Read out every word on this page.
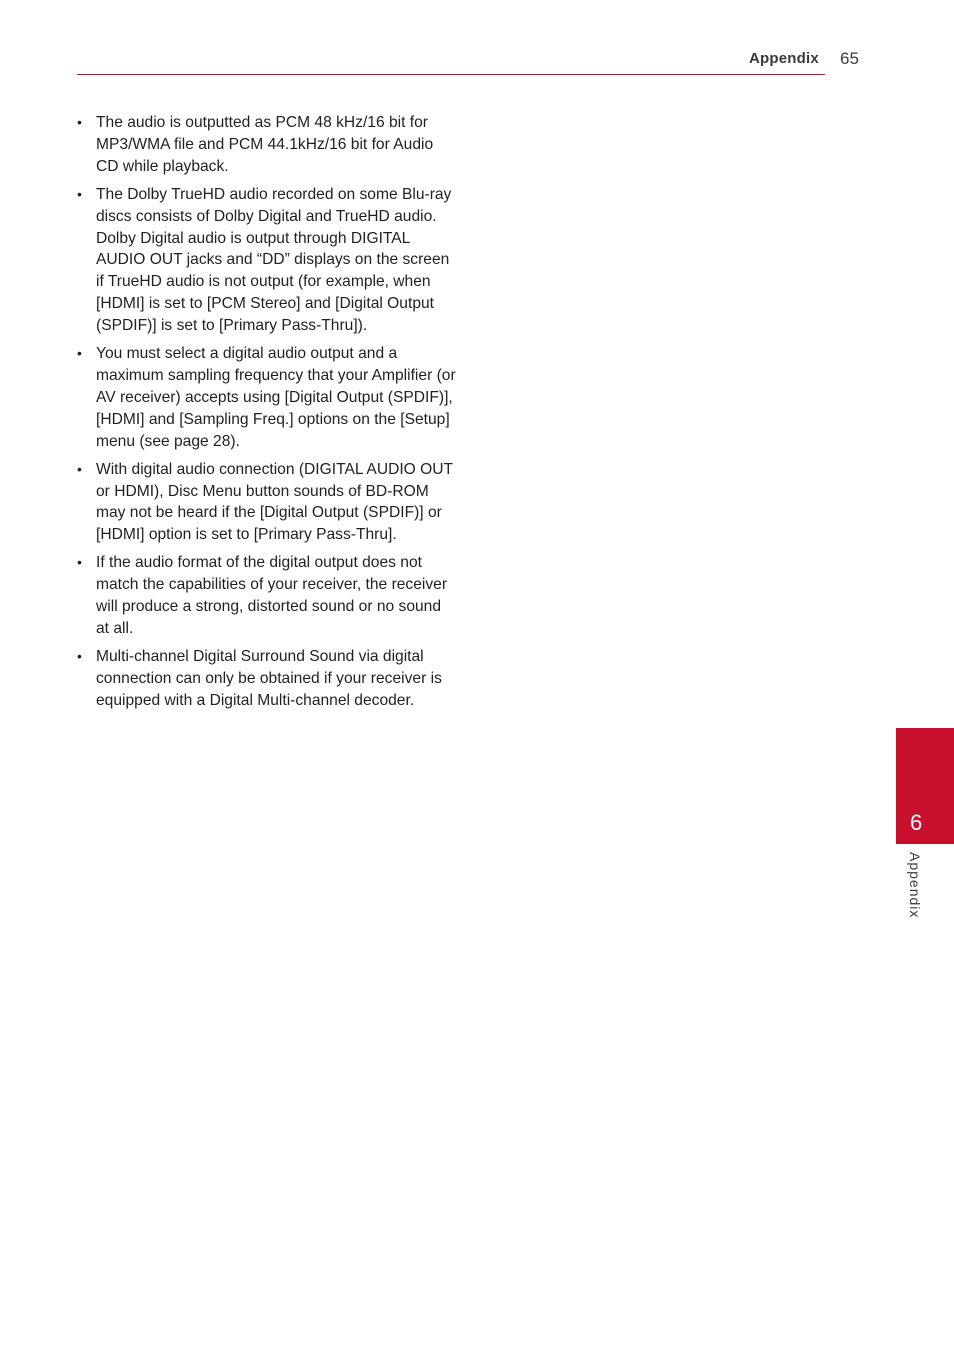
Appendix 65
• The audio is outputted as PCM 48 kHz/16 bit for MP3/WMA file and PCM 44.1kHz/16 bit for Audio CD while playback.
• The Dolby TrueHD audio recorded on some Blu-ray discs consists of Dolby Digital and TrueHD audio. Dolby Digital audio is output through DIGITAL AUDIO OUT jacks and “DD” displays on the screen if TrueHD audio is not output (for example, when [HDMI] is set to [PCM Stereo] and [Digital Output (SPDIF)] is set to [Primary Pass-Thru]).
• You must select a digital audio output and a maximum sampling frequency that your Amplifier (or AV receiver) accepts using [Digital Output (SPDIF)], [HDMI] and [Sampling Freq.] options on the [Setup] menu (see page 28).
• With digital audio connection (DIGITAL AUDIO OUT or HDMI), Disc Menu button sounds of BD-ROM may not be heard if the [Digital Output (SPDIF)] or [HDMI] option is set to [Primary Pass-Thru].
• If the audio format of the digital output does not match the capabilities of your receiver, the receiver will produce a strong, distorted sound or no sound at all.
• Multi-channel Digital Surround Sound via digital connection can only be obtained if your receiver is equipped with a Digital Multi-channel decoder.
6
Appendix
